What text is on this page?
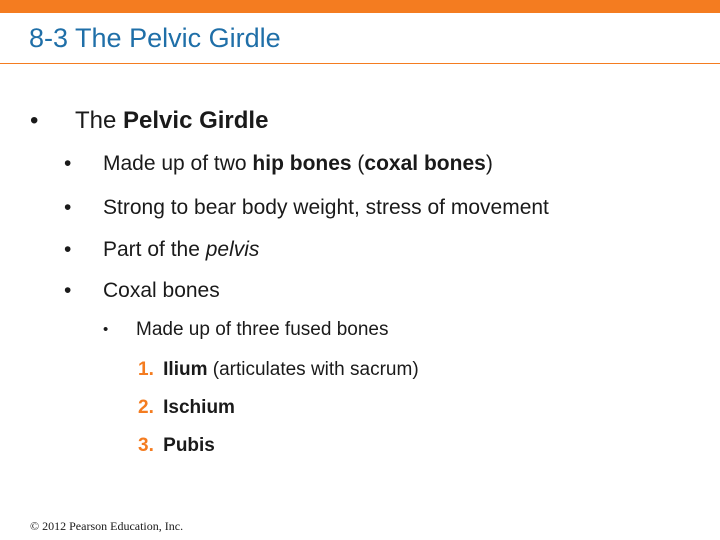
8-3 The Pelvic Girdle
• The Pelvic Girdle
• Made up of two hip bones (coxal bones)
• Strong to bear body weight, stress of movement
• Part of the pelvis
• Coxal bones
• Made up of three fused bones
1. Ilium (articulates with sacrum)
2. Ischium
3. Pubis
© 2012 Pearson Education, Inc.
